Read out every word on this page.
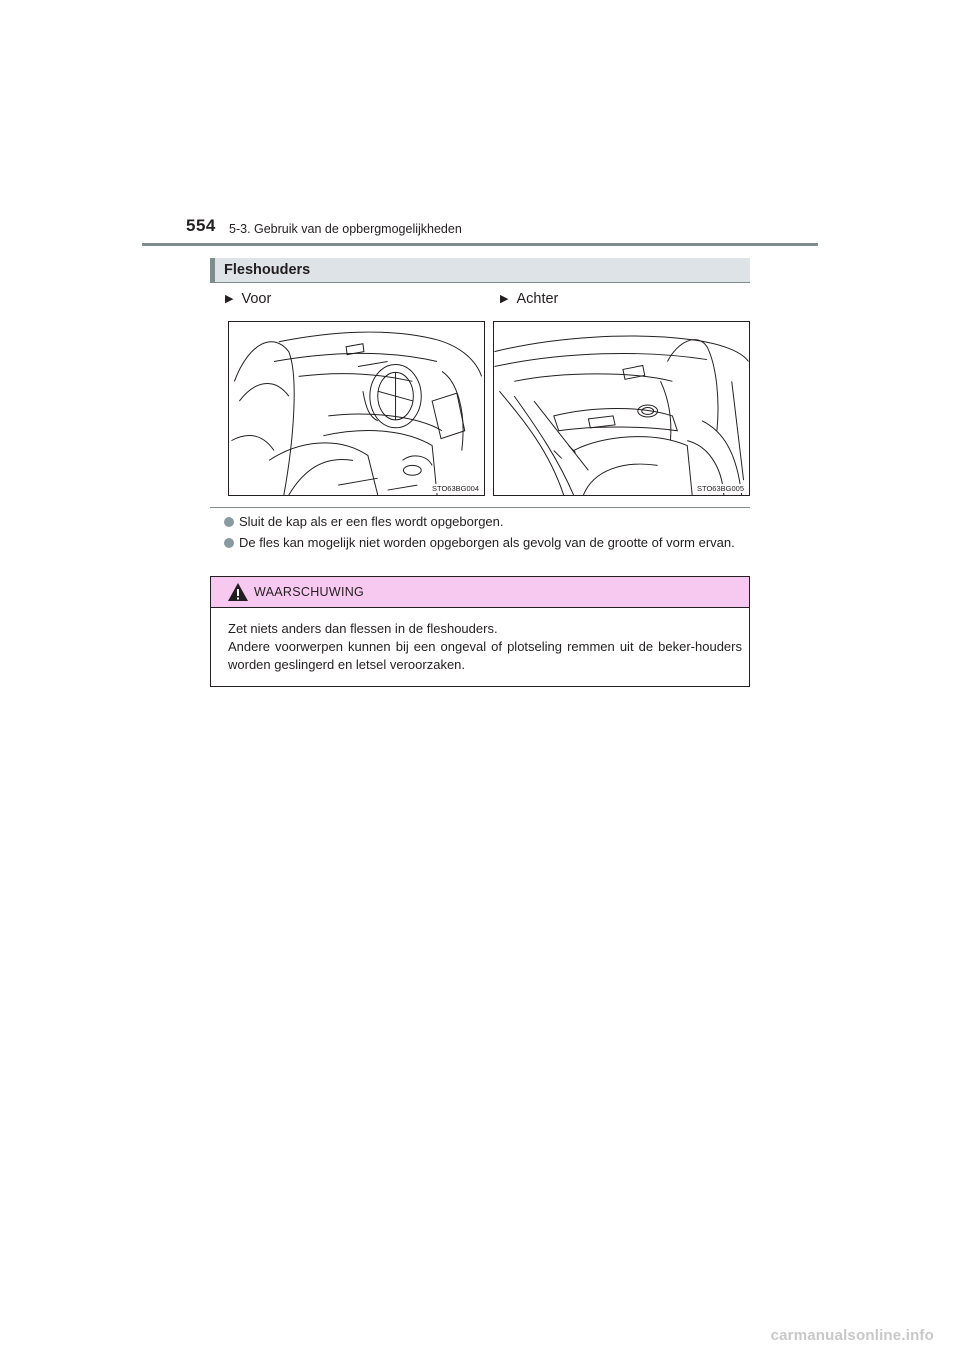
554 5-3. Gebruik van de opbergmogelijkheden
Fleshouders
▶ Voor	▶ Achter
STO63BG004	STO63BG005
Sluit de kap als er een fles wordt opgeborgen.
De fles kan mogelijk niet worden opgeborgen als gevolg van de grootte of vorm ervan.
WAARSCHUWING
Zet niets anders dan flessen in de fleshouders.
Andere voorwerpen kunnen bij een ongeval of plotseling remmen uit de beker-houders worden geslingerd en letsel veroorzaken.
carmanualsonline.info
